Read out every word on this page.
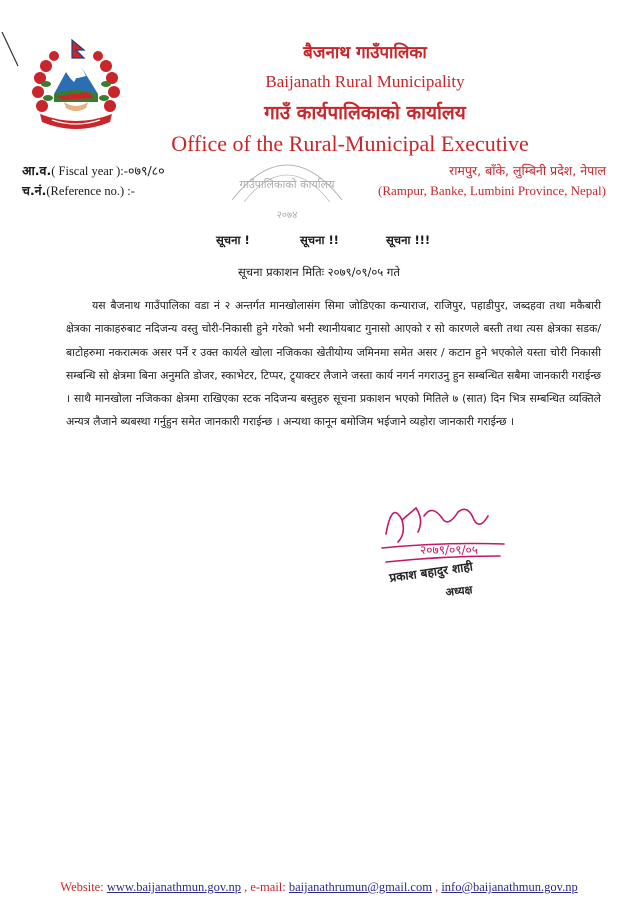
बैजनाथ गाउँपालिका
Baijanath Rural Municipality
गाउँ कार्यपालिकाको कार्यालय
Office of the Rural-Municipal Executive
आ.व.( Fiscal year ):-०७९/८०
च.नं.(Reference no.) :-
रामपुर, बाँके, लुम्बिनी प्रदेश, नेपाल
(Rampur, Banke, Lumbini Province, Nepal)
गाउँपालिकाको कार्यालय
२०७४
सूचना !	सूचना !!	सूचना !!!
सूचना प्रकाशन मितिः २०७९/०९/०५ गते
यस बैजनाथ गाउँपालिका वडा नं २ अन्तर्गत मानखोलासंग सिमा जोडिएका कन्याराज, राजिपुर, पहाडीपुर, जब्दहवा तथा मकैबारी क्षेत्रका नाकाहरुबाट नदिजन्य वस्तु चोरी-निकासी हुने गरेको भनी स्थानीयबाट गुनासो आएको र सो कारणले बस्ती तथा त्यस क्षेत्रका सडक/ बाटोहरुमा नकरात्मक असर पर्ने र उक्त कार्यले खोला नजिकका खेतीयोग्य जमिनमा समेत असर / कटान हुने भएकोले यस्ता चोरी निकासी सम्बन्धि सो क्षेत्रमा बिना अनुमति डोजर, स्काभेटर, टिप्पर, ट्र्याक्टर लैजाने जस्ता कार्य नगर्न नगराउनु हुन सम्बन्धित सबैमा जानकारी गराईन्छ । साथै मानखोला नजिकका क्षेत्रमा राखिएका स्टक नदिजन्य बस्तुहरु सूचना प्रकाशन भएको मितिले ७ (सात) दिन भित्र सम्बन्धित व्यक्तिले अन्यत्र लैजाने ब्यबस्था गर्नुहुन समेत जानकारी गराईन्छ । अन्यथा कानून बमोजिम भईजाने व्यहोरा जानकारी गराईन्छ ।
२०७९/०९/०५
प्रकाश बहादुर शाही
अध्यक्ष
Website: www.baijanathmun.gov.np , e-mail: baijanathrumun@gmail.com , info@baijanathmun.gov.np
